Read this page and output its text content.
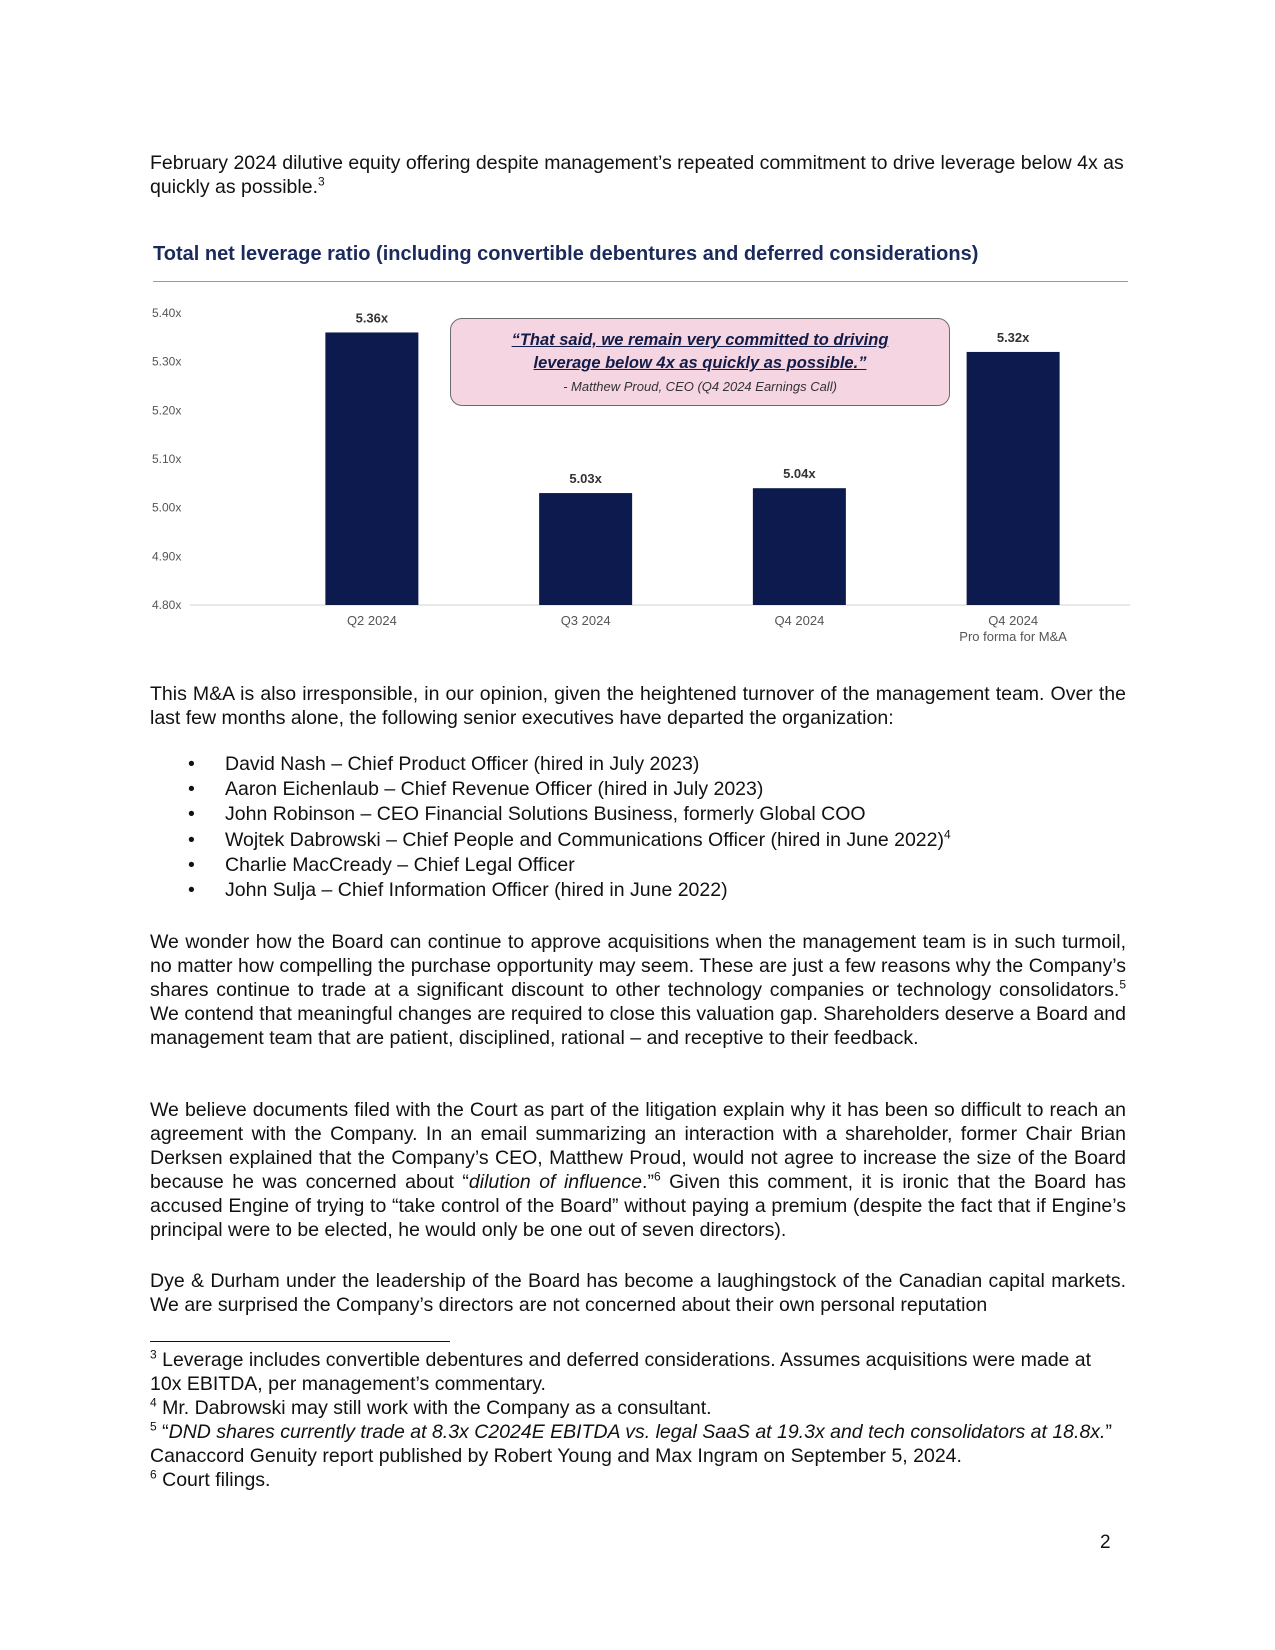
February 2024 dilutive equity offering despite management’s repeated commitment to drive leverage below 4x as quickly as possible.$^3$

Total net leverage ratio (including convertible debentures and deferred considerations)
4.80x
4.90x
5.00x
5.10x
5.20x
5.30x
5.40x	5.36x
Q2 2024
5.03x
Q3 2024
5.04x
Q4 2024
5.32x
Q4 2024
Pro forma for M&A
“That said, we remain very committed to driving
leverage below 4x as quickly as possible.”
- Matthew Proud, CEO (Q4 2024 Earnings Call)

This M&A is also irresponsible, in our opinion, given the heightened turnover of the management team. Over the last few months alone, the following senior executives have departed the organization:

• David Nash – Chief Product Officer (hired in July 2023)
• Aaron Eichenlaub – Chief Revenue Officer (hired in July 2023)
• John Robinson – CEO Financial Solutions Business, formerly Global COO
• Wojtek Dabrowski – Chief People and Communications Officer (hired in June 2022)$^4$
• Charlie MacCready – Chief Legal Officer
• John Sulja – Chief Information Officer (hired in June 2022)

We wonder how the Board can continue to approve acquisitions when the management team is in such turmoil, no matter how compelling the purchase opportunity may seem. These are just a few reasons why the Company’s shares continue to trade at a significant discount to other technology companies or technology consolidators.$^5$ We contend that meaningful changes are required to close this valuation gap. Shareholders deserve a Board and management team that are patient, disciplined, rational – and receptive to their feedback.

We believe documents filed with the Court as part of the litigation explain why it has been so difficult to reach an agreement with the Company. In an email summarizing an interaction with a shareholder, former Chair Brian Derksen explained that the Company’s CEO, Matthew Proud, would not agree to increase the size of the Board because he was concerned about “dilution of influence.”$^6$ Given this comment, it is ironic that the Board has accused Engine of trying to “take control of the Board” without paying a premium (despite the fact that if Engine’s principal were to be elected, he would only be one out of seven directors).

Dye & Durham under the leadership of the Board has become a laughingstock of the Canadian capital markets. We are surprised the Company’s directors are not concerned about their own personal reputation

$^3$ Leverage includes convertible debentures and deferred considerations. Assumes acquisitions were made at 10x EBITDA, per management’s commentary.
$^4$ Mr. Dabrowski may still work with the Company as a consultant.
$^5$ “DND shares currently trade at 8.3x C2024E EBITDA vs. legal SaaS at 19.3x and tech consolidators at 18.8x.” Canaccord Genuity report published by Robert Young and Max Ingram on September 5, 2024.
$^6$ Court filings.
2
